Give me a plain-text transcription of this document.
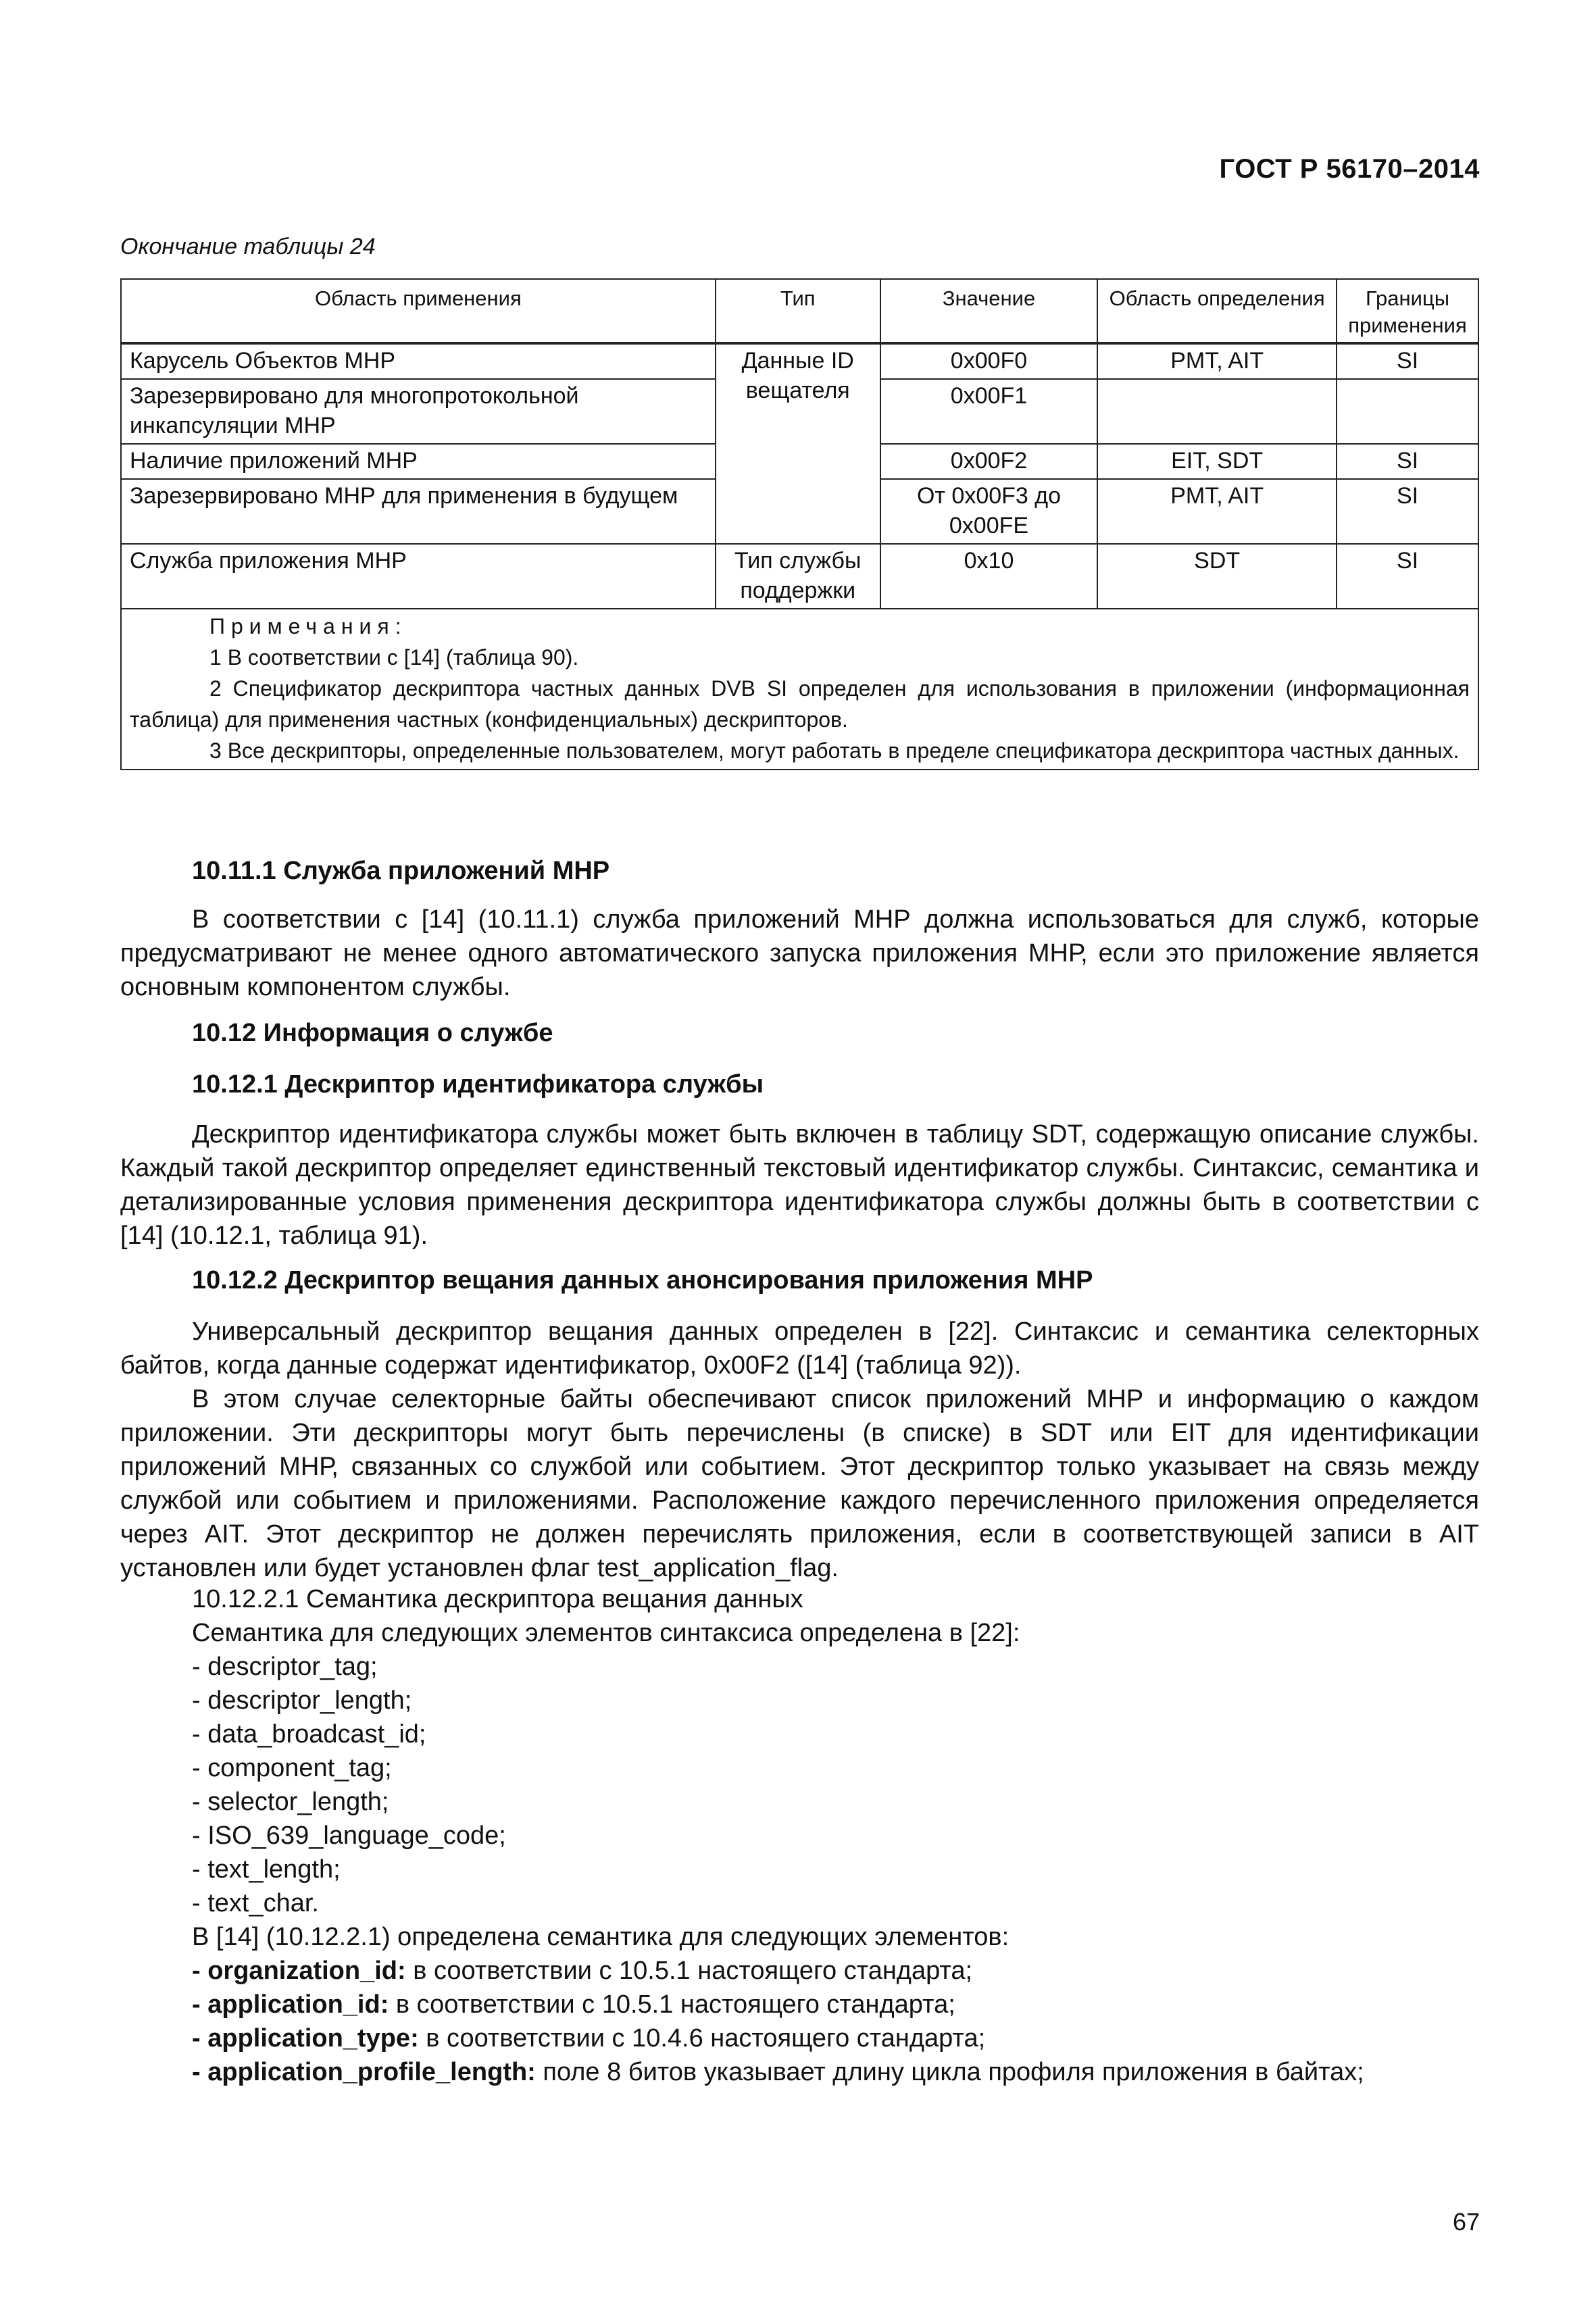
ГОСТ Р 56170–2014
Окончание таблицы 24
Область применения	Тип	Значение	Область определения	Границы применения
Карусель Объектов МНР	Данные ID вещателя	0x00F0	PMT, AIT	SI
Зарезервировано для многопротокольной инкапсуляции МНР		0x00F1		
Наличие приложений МНР		0x00F2	EIT, SDT	SI
Зарезервировано МНР для применения в будущем		От 0x00F3 до 0x00FE	PMT, AIT	SI
Служба приложения МНР	Тип службы поддержки	0x10	SDT	SI

Примечания:
1 В соответствии с [14] (таблица 90).
2 Спецификатор дескриптора частных данных DVB SI определен для использования в приложении (информационная таблица) для применения частных (конфиденциальных) дескрипторов.
3 Все дескрипторы, определенные пользователем, могут работать в пределе спецификатора дескриптора частных данных.				
10.11.1 Служба приложений МНР
В соответствии с [14] (10.11.1) служба приложений МНР должна использоваться для служб, которые предусматривают не менее одного автоматического запуска приложения МНР, если это приложение является основным компонентом службы.
10.12 Информация о службе
10.12.1 Дескриптор идентификатора службы
Дескриптор идентификатора службы может быть включен в таблицу SDT, содержащую описание службы. Каждый такой дескриптор определяет единственный текстовый идентификатор службы. Синтаксис, семантика и детализированные условия применения дескриптора идентификатора службы должны быть в соответствии с [14] (10.12.1, таблица 91).
10.12.2 Дескриптор вещания данных анонсирования приложения МНР
Универсальный дескриптор вещания данных определен в [22]. Синтаксис и семантика селекторных байтов, когда данные содержат идентификатор, 0x00F2 ([14] (таблица 92)).
В этом случае селекторные байты обеспечивают список приложений МНР и информацию о каждом приложении. Эти дескрипторы могут быть перечислены (в списке) в SDT или EIT для идентификации приложений МНР, связанных со службой или событием. Этот дескриптор только указывает на связь между службой или событием и приложениями. Расположение каждого перечисленного приложения определяется через AIT. Этот дескриптор не должен перечислять приложения, если в соответствующей записи в AIT установлен или будет установлен флаг test_application_flag.
10.12.2.1 Семантика дескриптора вещания данных
Семантика для следующих элементов синтаксиса определена в [22]:
- descriptor_tag;
- descriptor_length;
- data_broadcast_id;
- component_tag;
- selector_length;
- ISO_639_language_code;
- text_length;
- text_char.
В [14] (10.12.2.1) определена семантика для следующих элементов:
- organization_id: в соответствии с 10.5.1 настоящего стандарта;
- application_id: в соответствии с 10.5.1 настоящего стандарта;
- application_type: в соответствии с 10.4.6 настоящего стандарта;
- application_profile_length: поле 8 битов указывает длину цикла профиля приложения в байтах;
67
